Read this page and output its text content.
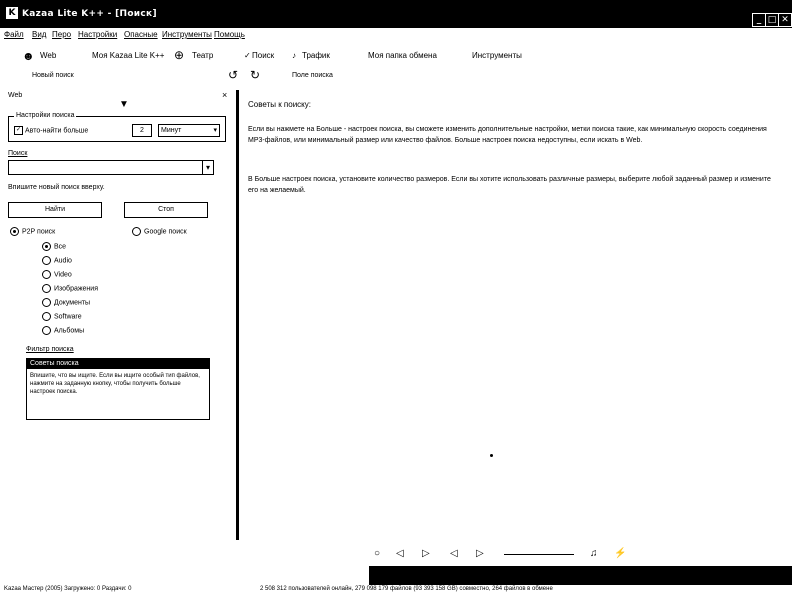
K Kazaa Lite K++ - [Поиск]
_ □ ✕
Файл Вид Перо Настройки Опасные Инструменты Помощь
☻ Web	Моя Kazaa Lite K++ ⊕ Театр	✓ Поиск ♪ Трафик	Моя папка обмена	Инструменты
Новый поиск	↺ ↻	Поле поиска
Web	×
▼
Настройки поиска
✓ Авто-найти больше	2	Минут	▾
Поиск
▾
Впишите новый поиск вверху.
Найти	Стоп
P2P поиск	Google поиск
Все
Audio
Video
Изображения
Документы
Software
Альбомы
Фильтр поиска
Советы поиска
Впишите, что вы ищите. Если вы ищите особый тип файлов, нажмите на заданную кнопку, чтобы получить больше настроек поиска.
Советы к поиску:
Если вы нажмете на Больше - настроек поиска, вы сможете изменить дополнительные настройки, метки поиска такие, как минимальную скорость соединения MP3-файлов, или минимальный размер или качество файлов. Больше настроек поиска недоступны, если искать в Web.
В Больше настроек поиска, установите количество размеров. Если вы хотите использовать различные размеры, выберите любой заданный размер и измените его на желаемый.
○ ◁ ▷ ◁ ▷	♫ ⚡
Kazaa Мастер (2005) Загружено: 0 Раздачи: 0	2 508 312 пользователей онлайн, 279 098 179 файлов (93 393 158 GB) совместно, 264 файлов в обмене
